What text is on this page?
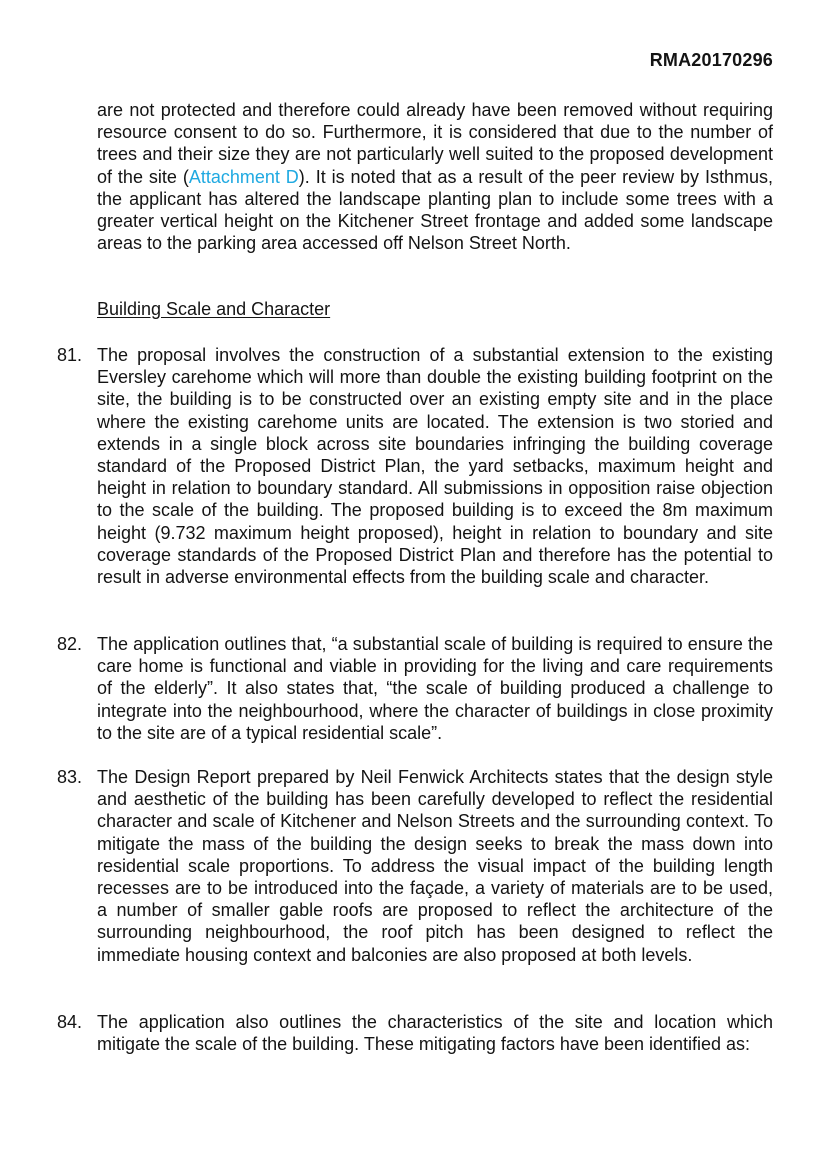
RMA20170296
are not protected and therefore could already have been removed without requiring resource consent to do so. Furthermore, it is considered that due to the number of trees and their size they are not particularly well suited to the proposed development of the site (Attachment D). It is noted that as a result of the peer review by Isthmus, the applicant has altered the landscape planting plan to include some trees with a greater vertical height on the Kitchener Street frontage and added some landscape areas to the parking area accessed off Nelson Street North.
Building Scale and Character
81. The proposal involves the construction of a substantial extension to the existing Eversley carehome which will more than double the existing building footprint on the site, the building is to be constructed over an existing empty site and in the place where the existing carehome units are located. The extension is two storied and extends in a single block across site boundaries infringing the building coverage standard of the Proposed District Plan, the yard setbacks, maximum height and height in relation to boundary standard. All submissions in opposition raise objection to the scale of the building. The proposed building is to exceed the 8m maximum height (9.732 maximum height proposed), height in relation to boundary and site coverage standards of the Proposed District Plan and therefore has the potential to result in adverse environmental effects from the building scale and character.
82. The application outlines that, “a substantial scale of building is required to ensure the care home is functional and viable in providing for the living and care requirements of the elderly”. It also states that, “the scale of building produced a challenge to integrate into the neighbourhood, where the character of buildings in close proximity to the site are of a typical residential scale”.
83. The Design Report prepared by Neil Fenwick Architects states that the design style and aesthetic of the building has been carefully developed to reflect the residential character and scale of Kitchener and Nelson Streets and the surrounding context. To mitigate the mass of the building the design seeks to break the mass down into residential scale proportions. To address the visual impact of the building length recesses are to be introduced into the façade, a variety of materials are to be used, a number of smaller gable roofs are proposed to reflect the architecture of the surrounding neighbourhood, the roof pitch has been designed to reflect the immediate housing context and balconies are also proposed at both levels.
84. The application also outlines the characteristics of the site and location which mitigate the scale of the building. These mitigating factors have been identified as:
